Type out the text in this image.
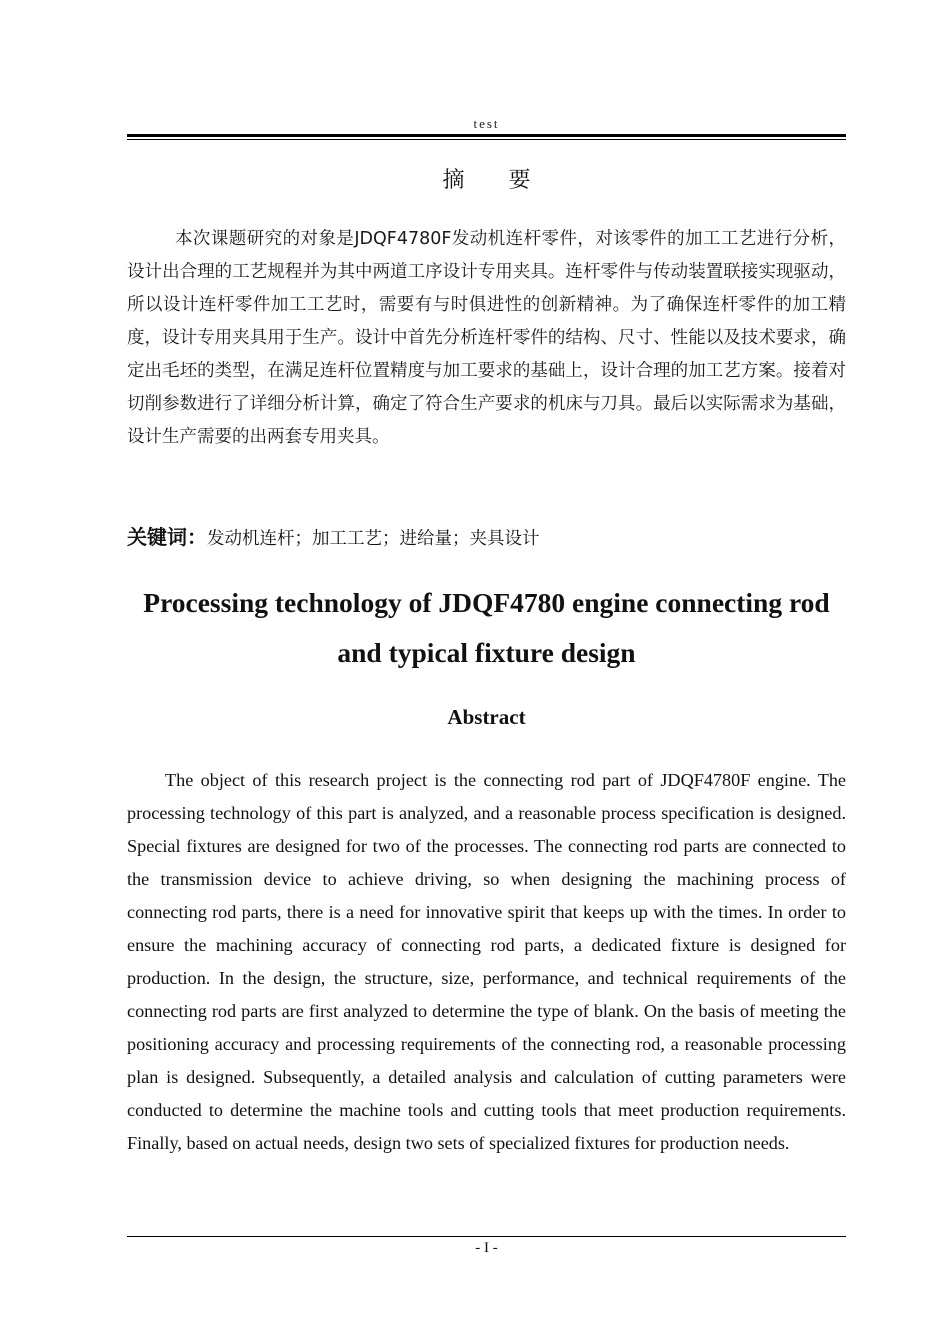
test
摘要

本次课题研究的对象是JDQF4780F发动机连杆零件，对该零件的加工工艺进行分析，设计出合理的工艺规程并为其中两道工序设计专用夹具。连杆零件与传动装置联接实现驱动，所以设计连杆零件加工工艺时，需要有与时俱进性的创新精神。为了确保连杆零件的加工精度，设计专用夹具用于生产。设计中首先分析连杆零件的结构、尺寸、性能以及技术要求，确定出毛坯的类型，在满足连杆位置精度与加工要求的基础上，设计合理的加工艺方案。接着对切削参数进行了详细分析计算，确定了符合生产要求的机床与刀具。最后以实际需求为基础，设计生产需要的出两套专用夹具。

关键词：发动机连杆；加工工艺；进给量；夹具设计
Processing technology of JDQF4780 engine connecting rod and typical fixture design
Abstract

The object of this research project is the connecting rod part of JDQF4780F engine. The processing technology of this part is analyzed, and a reasonable process specification is designed. Special fixtures are designed for two of the processes. The connecting rod parts are connected to the transmission device to achieve driving, so when designing the machining process of connecting rod parts, there is a need for innovative spirit that keeps up with the times. In order to ensure the machining accuracy of connecting rod parts, a dedicated fixture is designed for production. In the design, the structure, size, performance, and technical requirements of the connecting rod parts are first analyzed to determine the type of blank. On the basis of meeting the positioning accuracy and processing requirements of the connecting rod, a reasonable processing plan is designed. Subsequently, a detailed analysis and calculation of cutting parameters were conducted to determine the machine tools and cutting tools that meet production requirements. Finally, based on actual needs, design two sets of specialized fixtures for production needs.

- I -
